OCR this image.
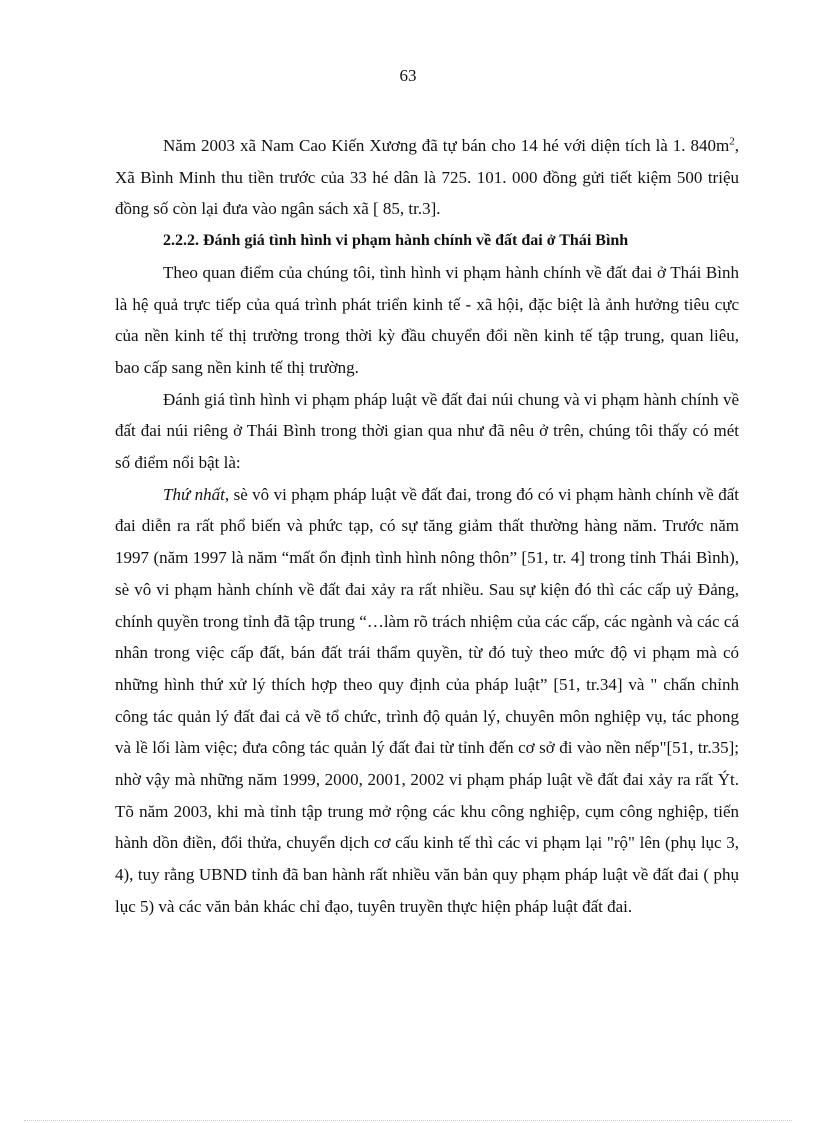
63

Năm 2003 xã Nam Cao Kiến Xương đã tự bán cho 14 hé với diện tích là 1. $840m^2$, Xã Bình Minh thu tiền trước của 33 hé dân là 725. 101. 000 đồng gửi tiết kiệm 500 triệu đồng số còn lại đưa vào ngân sách xã [ 85, tr.3].

2.2.2. Đánh giá tình hình vi phạm hành chính về đất đai ở Thái Bình

Theo quan điểm của chúng tôi, tình hình vi phạm hành chính về đất đai ở Thái Bình là hệ quả trực tiếp của quá trình phát triển kinh tế - xã hội, đặc biệt là ảnh hưởng tiêu cực của nền kinh tế thị trường trong thời kỳ đầu chuyển đổi nền kinh tế tập trung, quan liêu, bao cấp sang nền kinh tế thị trường.

Đánh giá tình hình vi phạm pháp luật về đất đai núi chung và vi phạm hành chính về đất đai núi riêng ở Thái Bình trong thời gian qua như đã nêu ở trên, chúng tôi thấy có mét số điểm nổi bật là:

Thứ nhất, sè vô vi phạm pháp luật về đất đai, trong đó có vi phạm hành chính về đất đai diễn ra rất phổ biến và phức tạp, có sự tăng giảm thất thường hàng năm. Trước năm 1997 (năm 1997 là năm “mất ổn định tình hình nông thôn” [51, tr. 4] trong tỉnh Thái Bình), sè vô vi phạm hành chính về đất đai xảy ra rất nhiều. Sau sự kiện đó thì các cấp uỷ Đảng, chính quyền trong tỉnh đã tập trung “…làm rõ trách nhiệm của các cấp, các ngành và các cá nhân trong việc cấp đất, bán đất trái thẩm quyền, từ đó tuỳ theo mức độ vi phạm mà có những hình thứ xử lý thích hợp theo quy định của pháp luật” [51, tr.34] và " chấn chỉnh công tác quản lý đất đai cả về tổ chức, trình độ quản lý, chuyên môn nghiệp vụ, tác phong và lề lối làm việc; đưa công tác quản lý đất đai từ tỉnh đến cơ sở đi vào nền nếp"[51, tr.35]; nhờ vậy mà những năm 1999, 2000, 2001, 2002 vi phạm pháp luật về đất đai xảy ra rất Ýt. Tõ năm 2003, khi mà tỉnh tập trung mở rộng các khu công nghiệp, cụm công nghiệp, tiến hành dồn điền, đổi thửa, chuyển dịch cơ cấu kinh tế thì các vi phạm lại "rộ" lên (phụ lục 3, 4), tuy rằng UBND tỉnh đã ban hành rất nhiều văn bản quy phạm pháp luật về đất đai ( phụ lục 5) và các văn bản khác chỉ đạo, tuyên truyền thực hiện pháp luật đất đai.
